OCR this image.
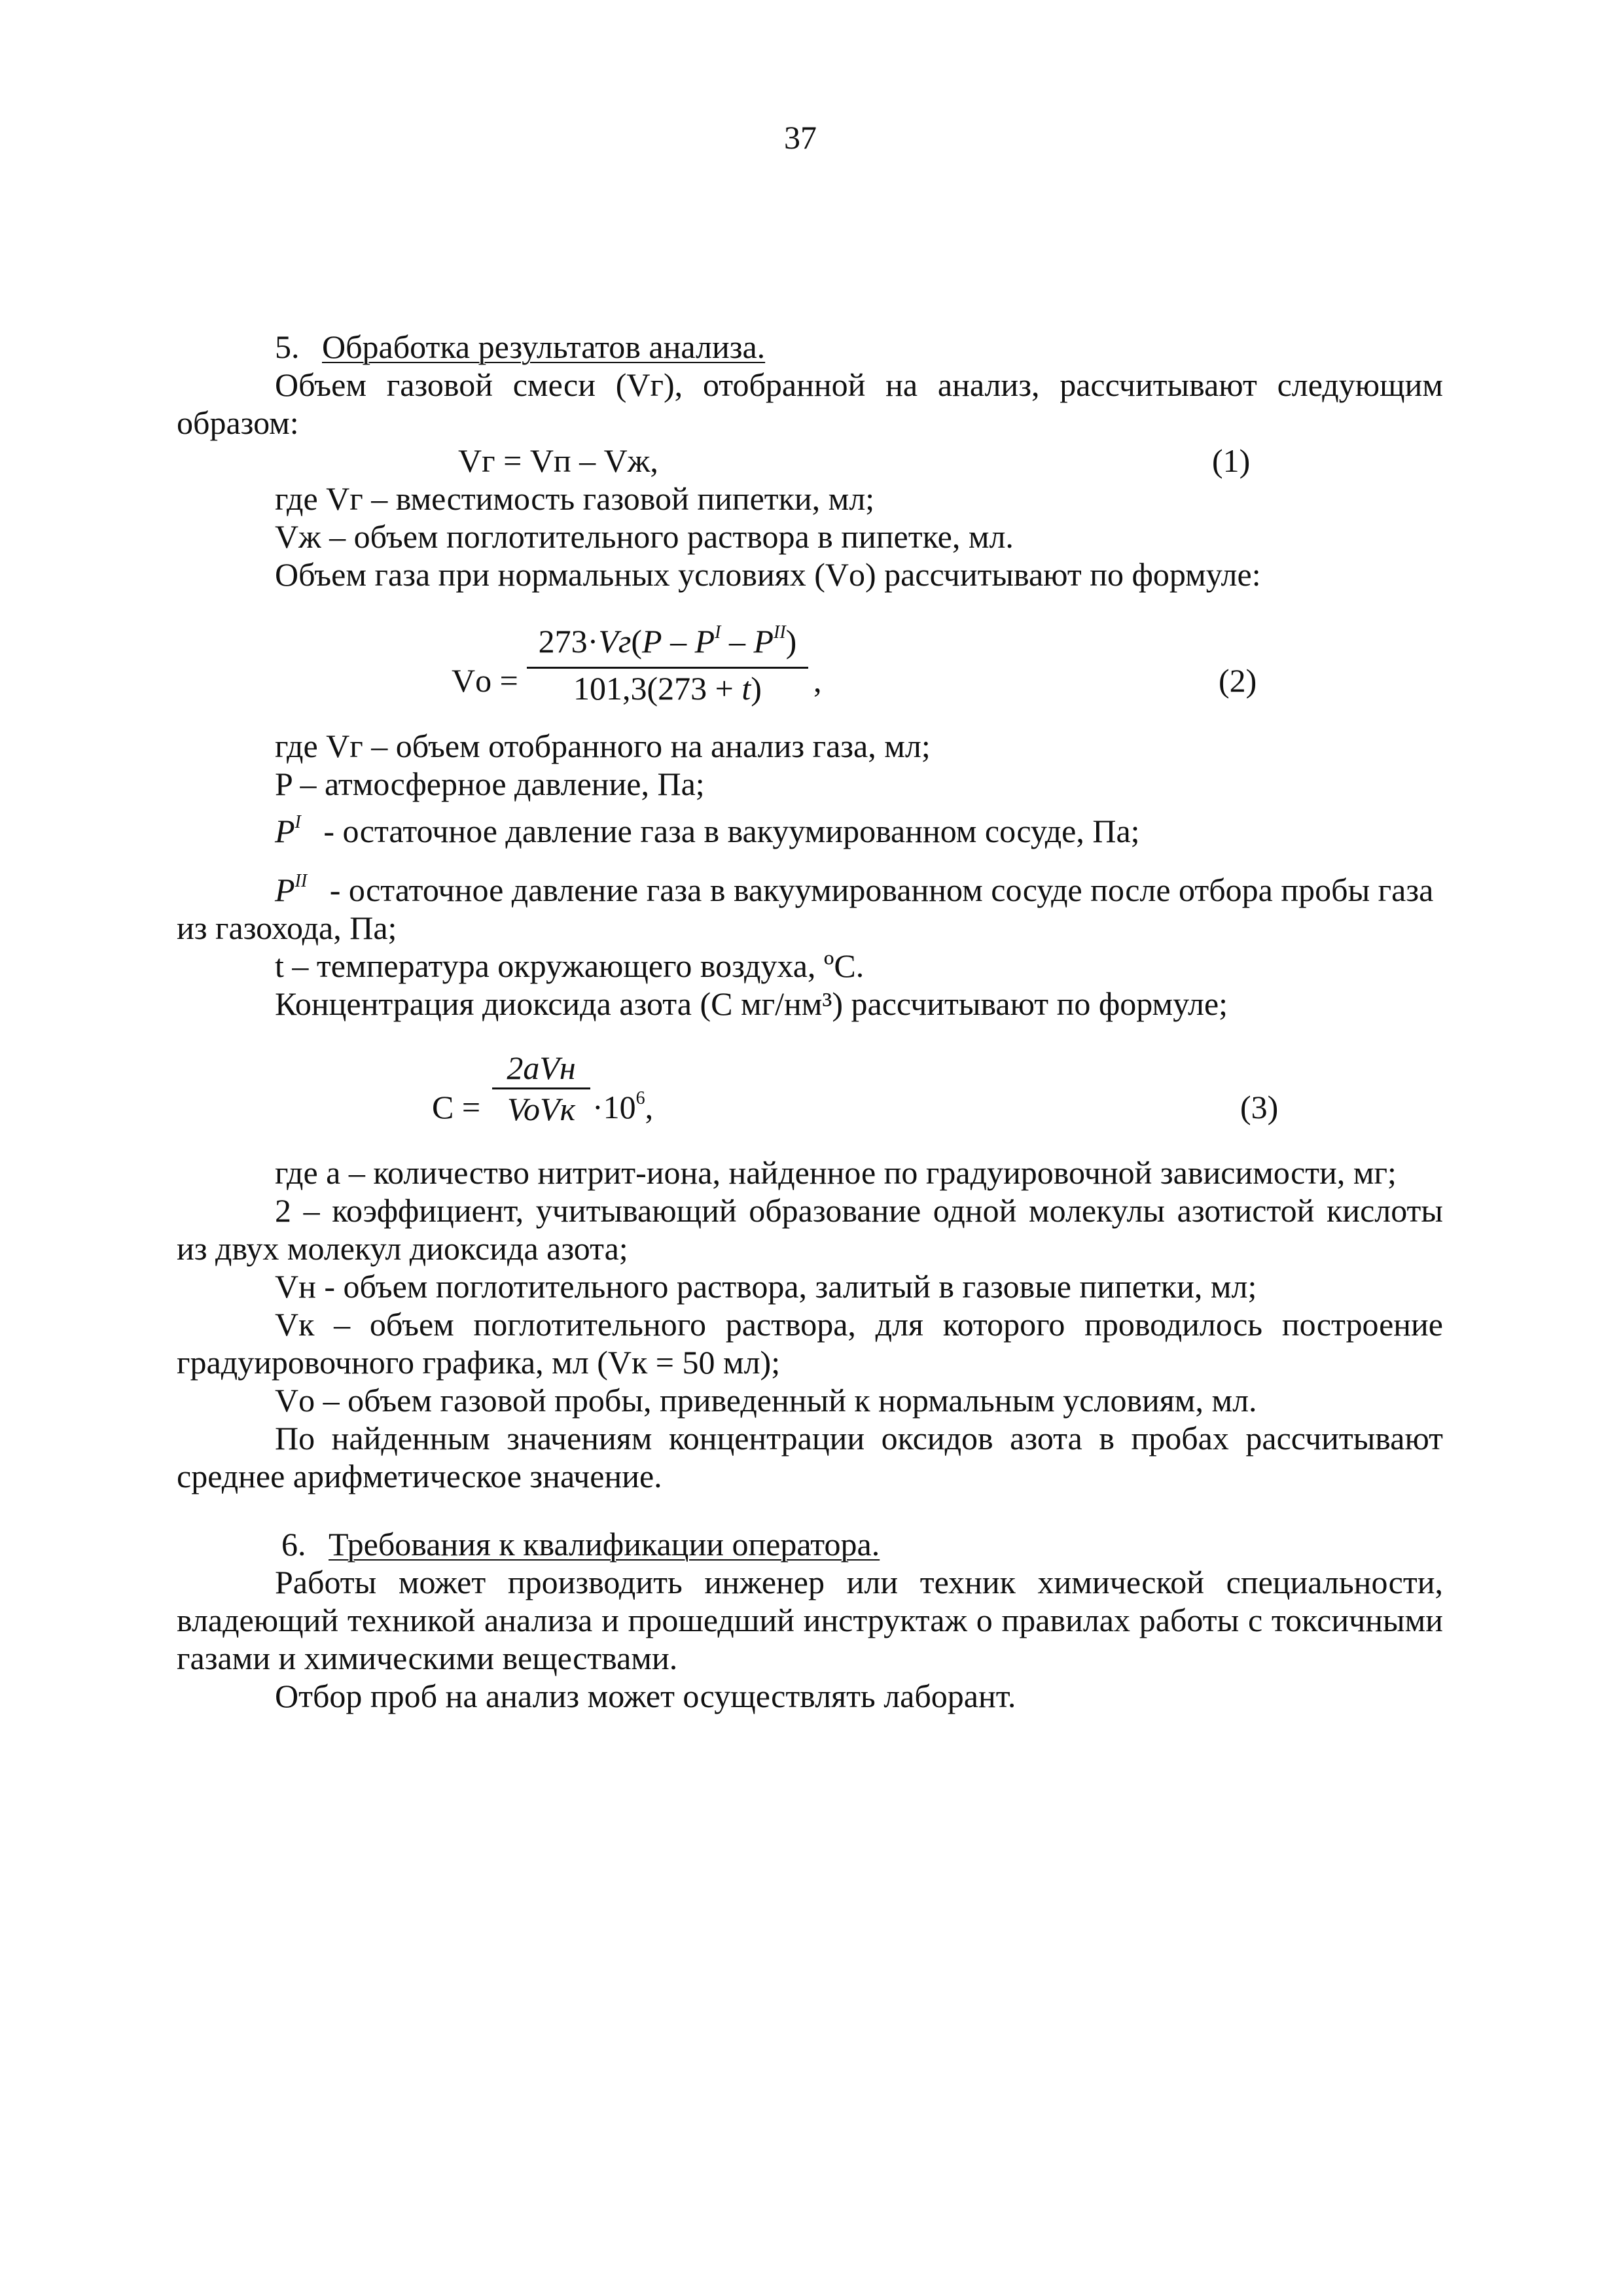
37
5. Обработка результатов анализа.
Объем газовой смеси (Vг), отобранной на анализ, рассчитывают следующим
образом:
Vг = Vп – Vж,	(1)
где Vг – вместимость газовой пипетки, мл;
Vж – объем поглотительного раствора в пипетке, мл.
Объем газа при нормальных условиях (Vо) рассчитывают по формуле:
Vо =
$273\cdot Vг(P - P^I - P^{II})$
101,3(273 + t)	,	(2)
где Vг – объем отобранного на анализ газа, мл;
P – атмосферное давление, Па;
$P^I$ - остаточное давление газа в вакуумированном сосуде, Па;
$P^{II}$ - остаточное давление газа в вакуумированном сосуде после отбора пробы газа
из газохода, Па;
t – температура окружающего воздуха, ºС.
Концентрация диоксида азота (С мг/нм³) рассчитывают по формуле;
С =
2aVн
VoVк $\cdot 10^6$,	(3)
где а – количество нитрит-иона, найденное по градуировочной зависимости, мг;
2 – коэффициент, учитывающий образование одной молекулы азотистой кислоты
из двух молекул диоксида азота;
Vн - объем поглотительного раствора, залитый в газовые пипетки, мл;
Vк – объем поглотительного раствора, для которого проводилось построение
градуировочного графика, мл (Vк = 50 мл);
Vо – объем газовой пробы, приведенный к нормальным условиям, мл.
По найденным значениям концентрации оксидов азота в пробах рассчитывают
среднее арифметическое значение.
6. Требования к квалификации оператора.
Работы может производить инженер или техник химической специальности,
владеющий техникой анализа и прошедший инструктаж о правилах работы с токсичными
газами и химическими веществами.
Отбор проб на анализ может осуществлять лаборант.
